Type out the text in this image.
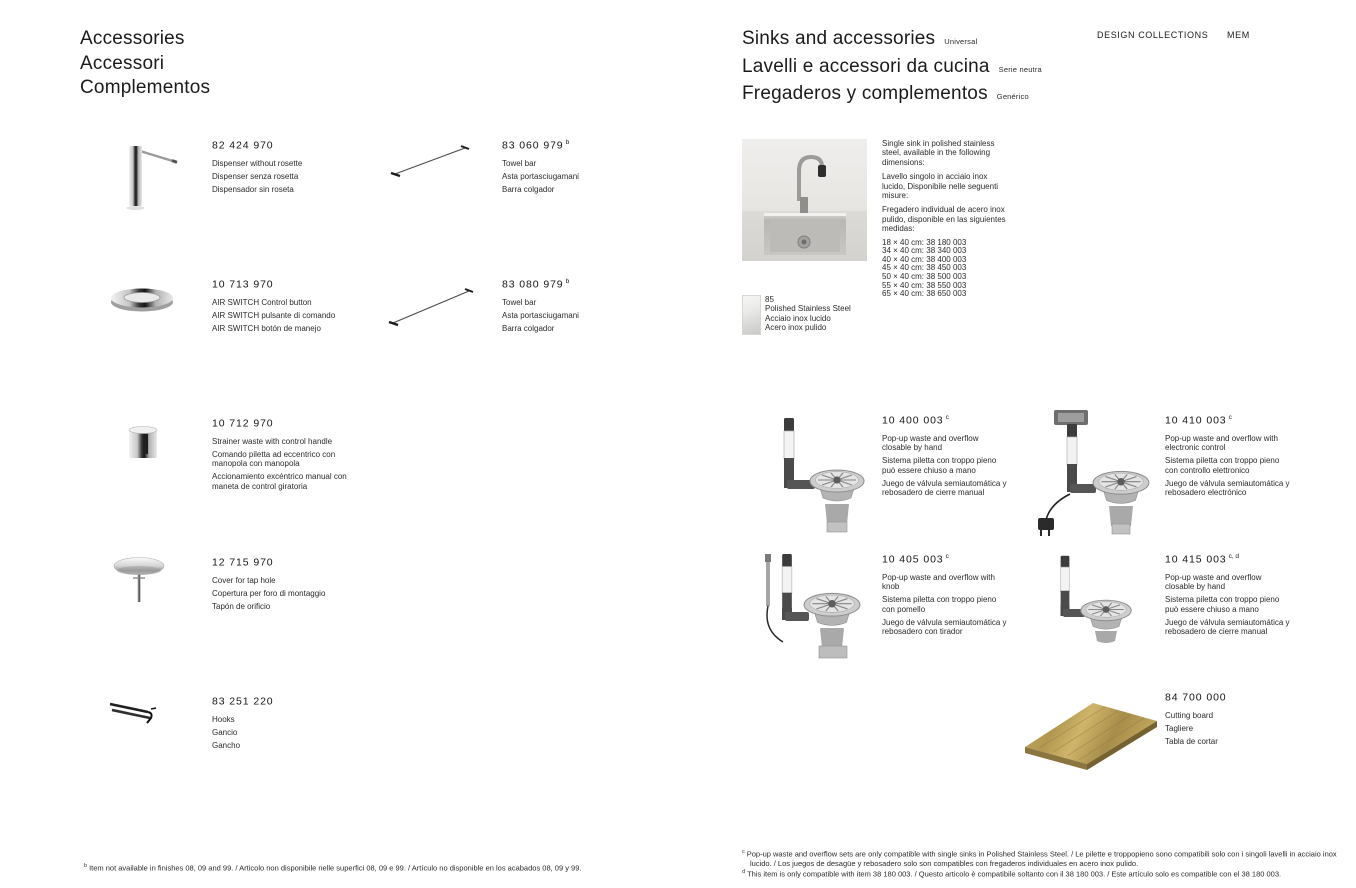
Accessories
Accessori
Complementos
82 424 970

Dispenser without rosette

Dispenser senza rosetta

Dispensador sin roseta

83 060 979 $^b$

Towel bar

Asta portasciugamani

Barra colgador

10 713 970

AIR SWITCH Control button

AIR SWITCH pulsante di comando

AIR SWITCH botón de manejo

83 080 979 $^b$

Towel bar

Asta portasciugamani

Barra colgador

10 712 970

Strainer waste with control handle

Comando piletta ad eccentrico con manopola con manopola

Accionamiento excéntrico manual con maneta de control giratoria

12 715 970

Cover for tap hole

Copertura per foro di montaggio

Tapón de orificio

83 251 220

Hooks

Gancio

Gancho

$^b$ Item not available in finishes 08, 09 and 99. / Articolo non disponibile nelle superfici 08, 09 e 99. / Artículo no disponible en los acabados 08, 09 y 99.

Sinks and accessories Universal
Lavelli e accessori da cucina Serie neutra
Fregaderos y complementos Genérico
DESIGN COLLECTIONS MEM

Single sink in polished stainless steel, available in the following dimensions:

Lavello singolo in acciaio inox lucido, Disponibile nelle seguenti misure:

Fregadero individual de acero inox pulido, disponible en las siguientes medidas:

18 × 40 cm: 38 180 003
34 × 40 cm: 38 340 003
40 × 40 cm: 38 400 003
45 × 40 cm: 38 450 003
50 × 40 cm: 38 500 003
55 × 40 cm: 38 550 003
65 × 40 cm: 38 650 003
85
Polished Stainless Steel
Acciaio inox lucido
Acero inox pulido
10 400 003 $^c$

Pop-up waste and overflow closable by hand

Sistema piletta con troppo pieno può essere chiuso a mano

Juego de válvula semiautomática y rebosadero de cierre manual

10 410 003 $^c$

Pop-up waste and overflow with electronic control

Sistema piletta con troppo pieno con controllo elettronico

Juego de válvula semiautomática y rebosadero electrónico

10 405 003 $^c$

Pop-up waste and overflow with knob

Sistema piletta con troppo pieno con pomello

Juego de válvula semiautomática y rebosadero con tirador

10 415 003 $^{c, d}$

Pop-up waste and overflow closable by hand

Sistema piletta con troppo pieno può essere chiuso a mano

Juego de válvula semiautomática y rebosadero de cierre manual

84 700 000

Cutting board

Tagliere

Tabla de cortar

$^c$ Pop-up waste and overflow sets are only compatible with single sinks in Polished Stainless Steel. / Le pilette e troppopieno sono compatibili solo con i singoli lavelli in acciaio inox lucido. / Los juegos de desagüe y rebosadero solo son compatibles con fregaderos individuales en acero inox pulido.

$^d$ This item is only compatible with item 38 180 003. / Questo articolo è compatibile soltanto con il 38 180 003. / Este artículo solo es compatible con el 38 180 003.
